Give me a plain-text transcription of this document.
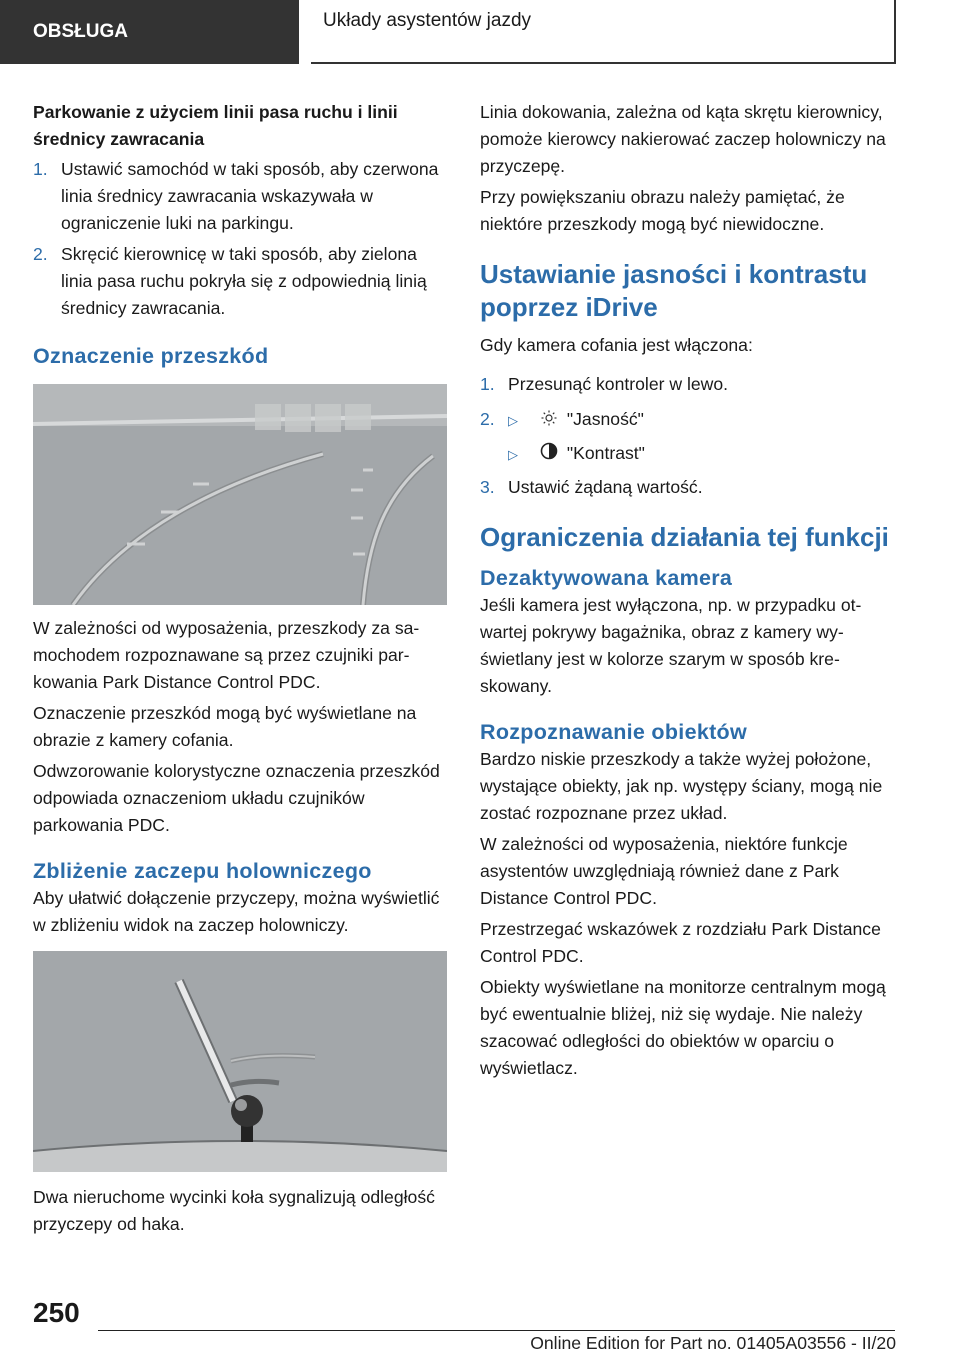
OBSŁUGA
Układy asystentów jazdy
Parkowanie z użyciem linii pasa ruchu i linii średnicy zawracania
1. Ustawić samochód w taki sposób, aby czerwona linia średnicy zawracania wskazywała w ograniczenie luki na parkingu.
2. Skręcić kierownicę w taki sposób, aby zielona linia pasa ruchu pokryła się z odpowiednią linią średnicy zawracania.
Oznaczenie przeszkód

W zależności od wyposażenia, przeszkody za samochodem rozpoznawane są przez czujniki parkowania Park Distance Control PDC.

Oznaczenie przeszkód mogą być wyświetlane na obrazie z kamery cofania.

Odwzorowanie kolorystyczne oznaczenia przeszkód odpowiada oznaczeniom układu czujników parkowania PDC.

Zbliżenie zaczepu holowniczego

Aby ułatwić dołączenie przyczepy, można wyświetlić w zbliżeniu widok na zaczep holowniczy.

Dwa nieruchome wycinki koła sygnalizują odległość przyczepy od haka.

Linia dokowania, zależna od kąta skrętu kierownicy, pomoże kierowcy nakierować zaczep holowniczy na przyczepę.

Przy powiększaniu obrazu należy pamiętać, że niektóre przeszkody mogą być niewidoczne.

Ustawianie jasności i kontrastu poprzez iDrive

Gdy kamera cofania jest włączona:

1. Przesunąć kontroler w lewo.
2. ▷	"Jasność"
▷	"Kontrast"
3. Ustawić żądaną wartość.
Ograniczenia działania tej funkcji
Dezaktywowana kamera

Jeśli kamera jest wyłączona, np. w przypadku otwartej pokrywy bagażnika, obraz z kamery wyświetlany jest w kolorze szarym w sposób kreskowany.

Rozpoznawanie obiektów

Bardzo niskie przeszkody a także wyżej położone, wystające obiekty, jak np. występy ściany, mogą nie zostać rozpoznane przez układ.

W zależności od wyposażenia, niektóre funkcje asystentów uwzględniają również dane z Park Distance Control PDC.

Przestrzegać wskazówek z rozdziału Park Distance Control PDC.

Obiekty wyświetlane na monitorze centralnym mogą być ewentualnie bliżej, niż się wydaje. Nie należy szacować odległości do obiektów w oparciu o wyświetlacz.

250
Online Edition for Part no. 01405A03556 - II/20
